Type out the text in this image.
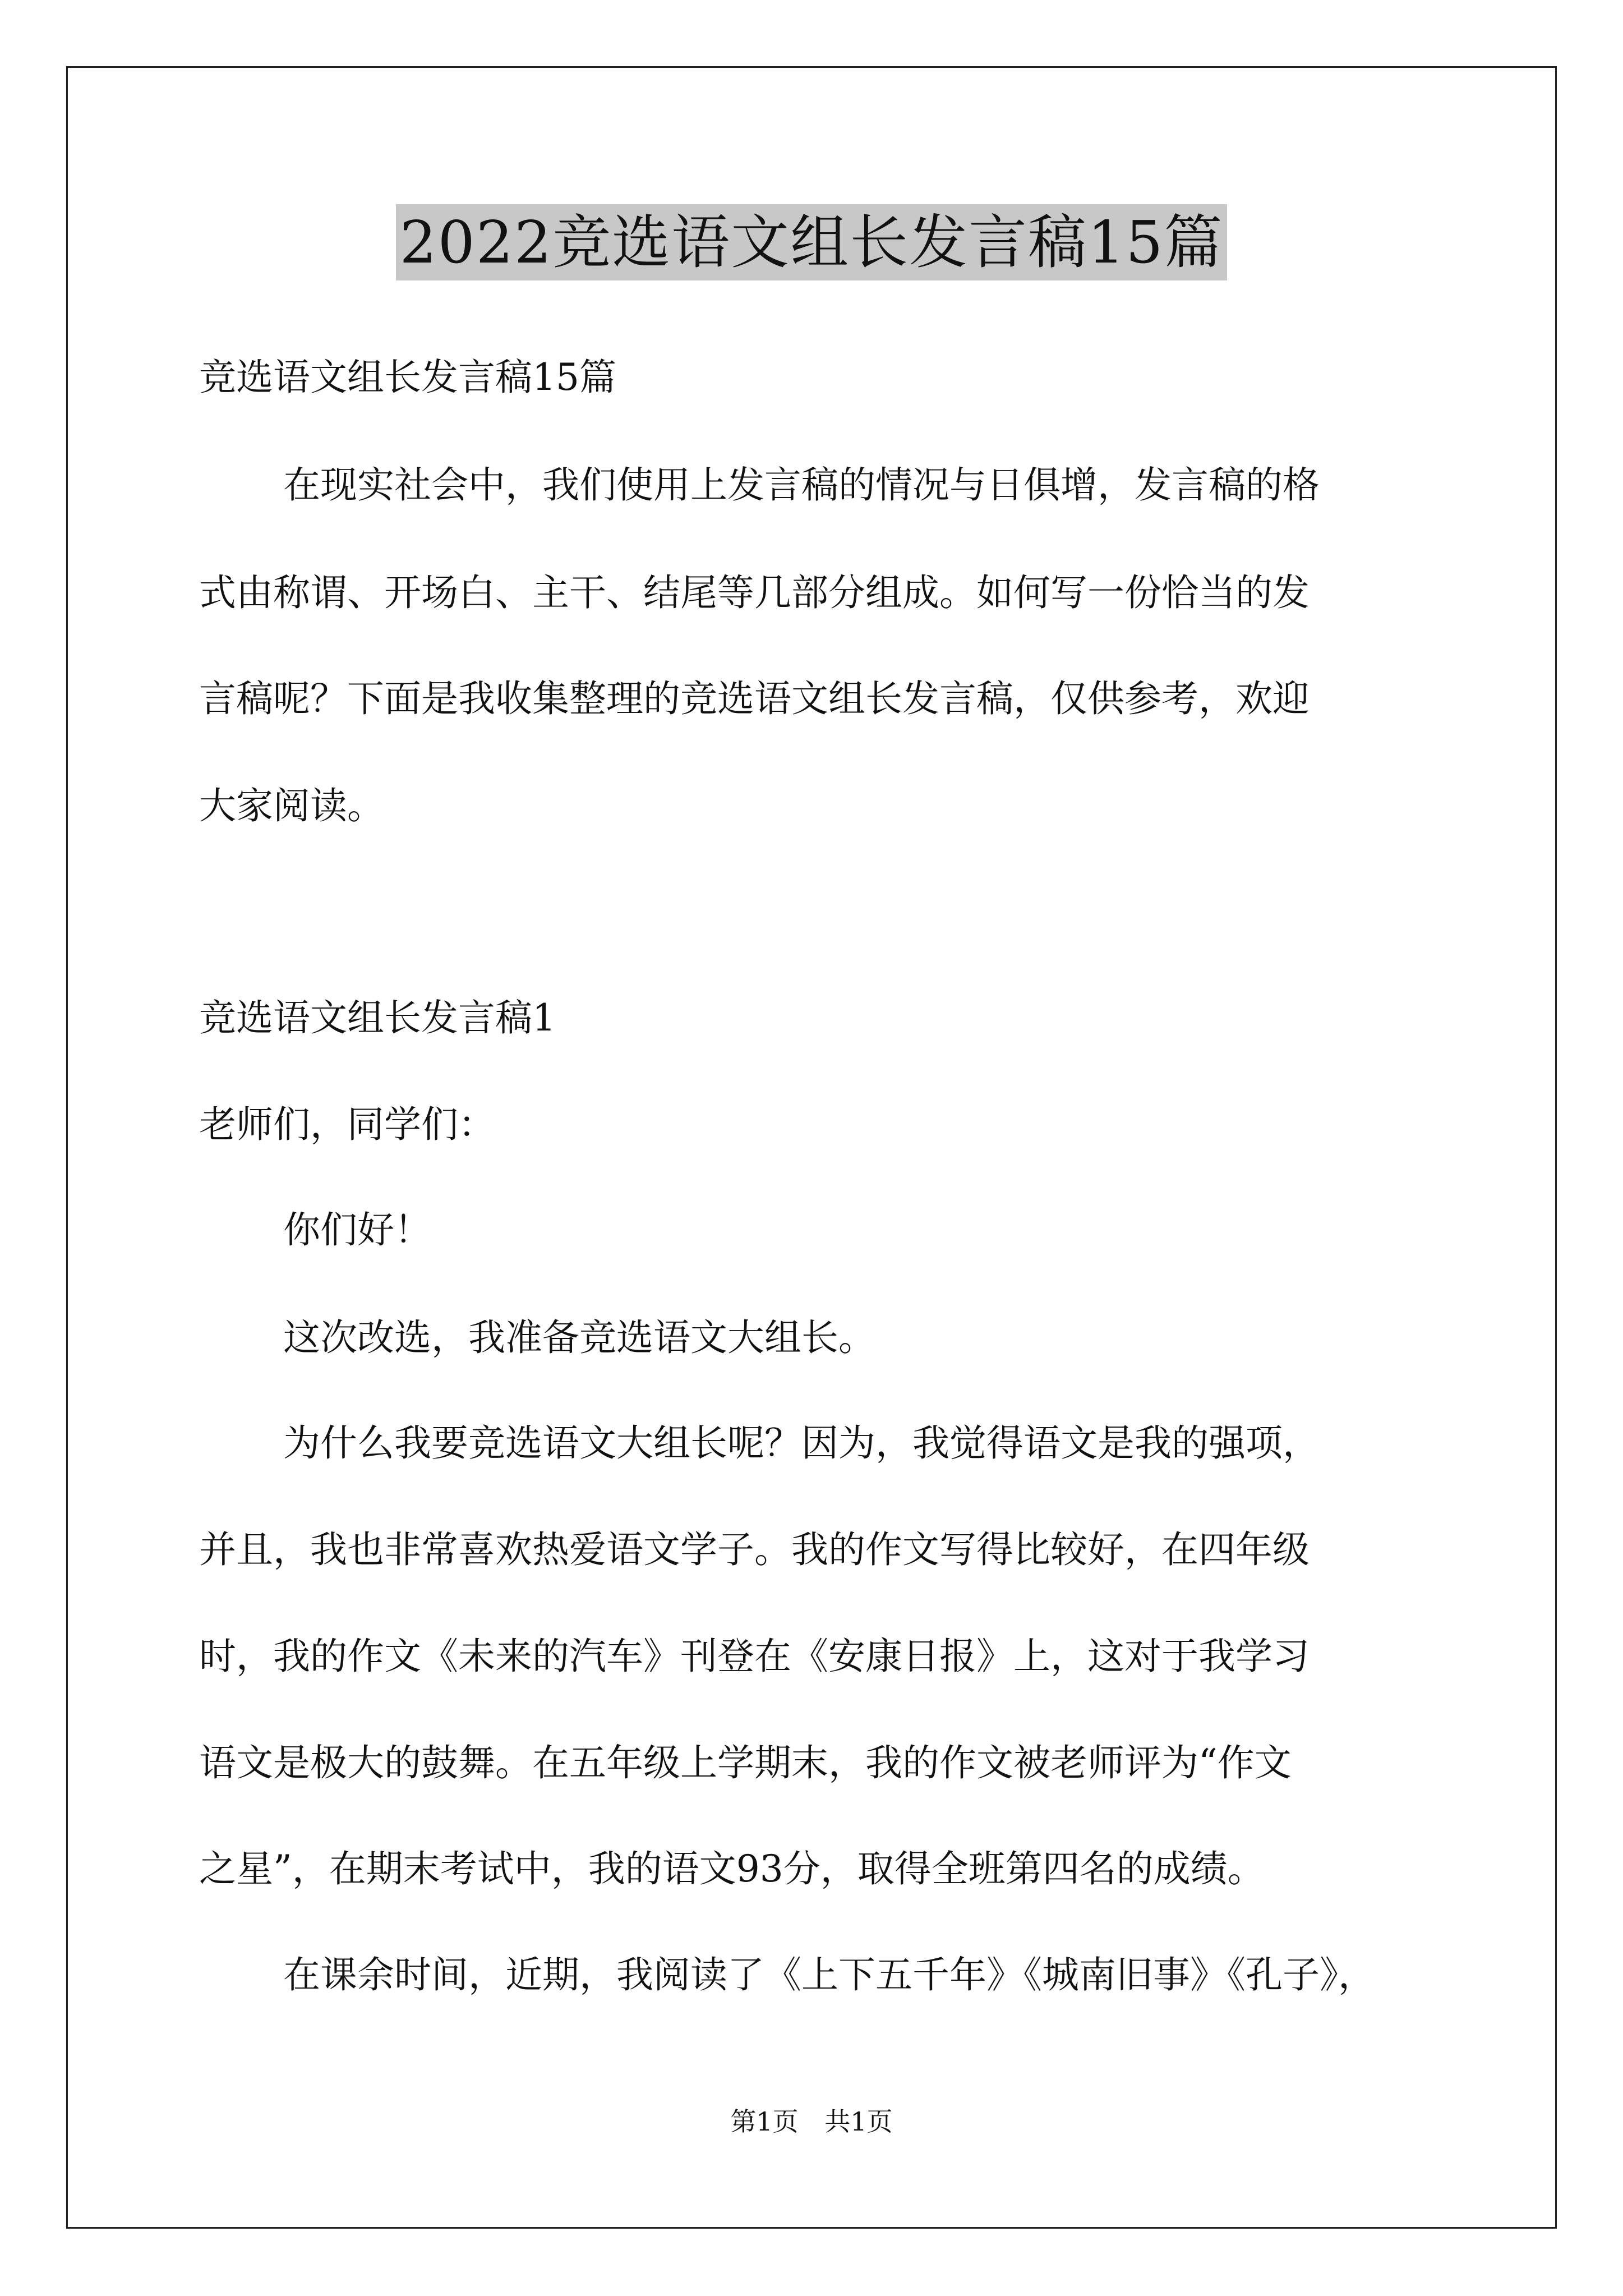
2022竞选语文组长发言稿15篇
竞选语文组长发言稿15篇
在现实社会中，我们使用上发言稿的情况与日俱增，发言稿的格
式由称谓、开场白、主干、结尾等几部分组成。如何写一份恰当的发
言稿呢？下面是我收集整理的竞选语文组长发言稿，仅供参考，欢迎
大家阅读。
竞选语文组长发言稿1
老师们，同学们：
你们好！
这次改选，我准备竞选语文大组长。
为什么我要竞选语文大组长呢？因为，我觉得语文是我的强项，
并且，我也非常喜欢热爱语文学子。我的作文写得比较好，在四年级
时，我的作文《未来的汽车》刊登在《安康日报》上，这对于我学习
语文是极大的鼓舞。在五年级上学期末，我的作文被老师评为“作文
之星”，在期末考试中，我的语文93分，取得全班第四名的成绩。
在课余时间，近期，我阅读了《上下五千年》《城南旧事》《孔子》，
第1页 共1页
